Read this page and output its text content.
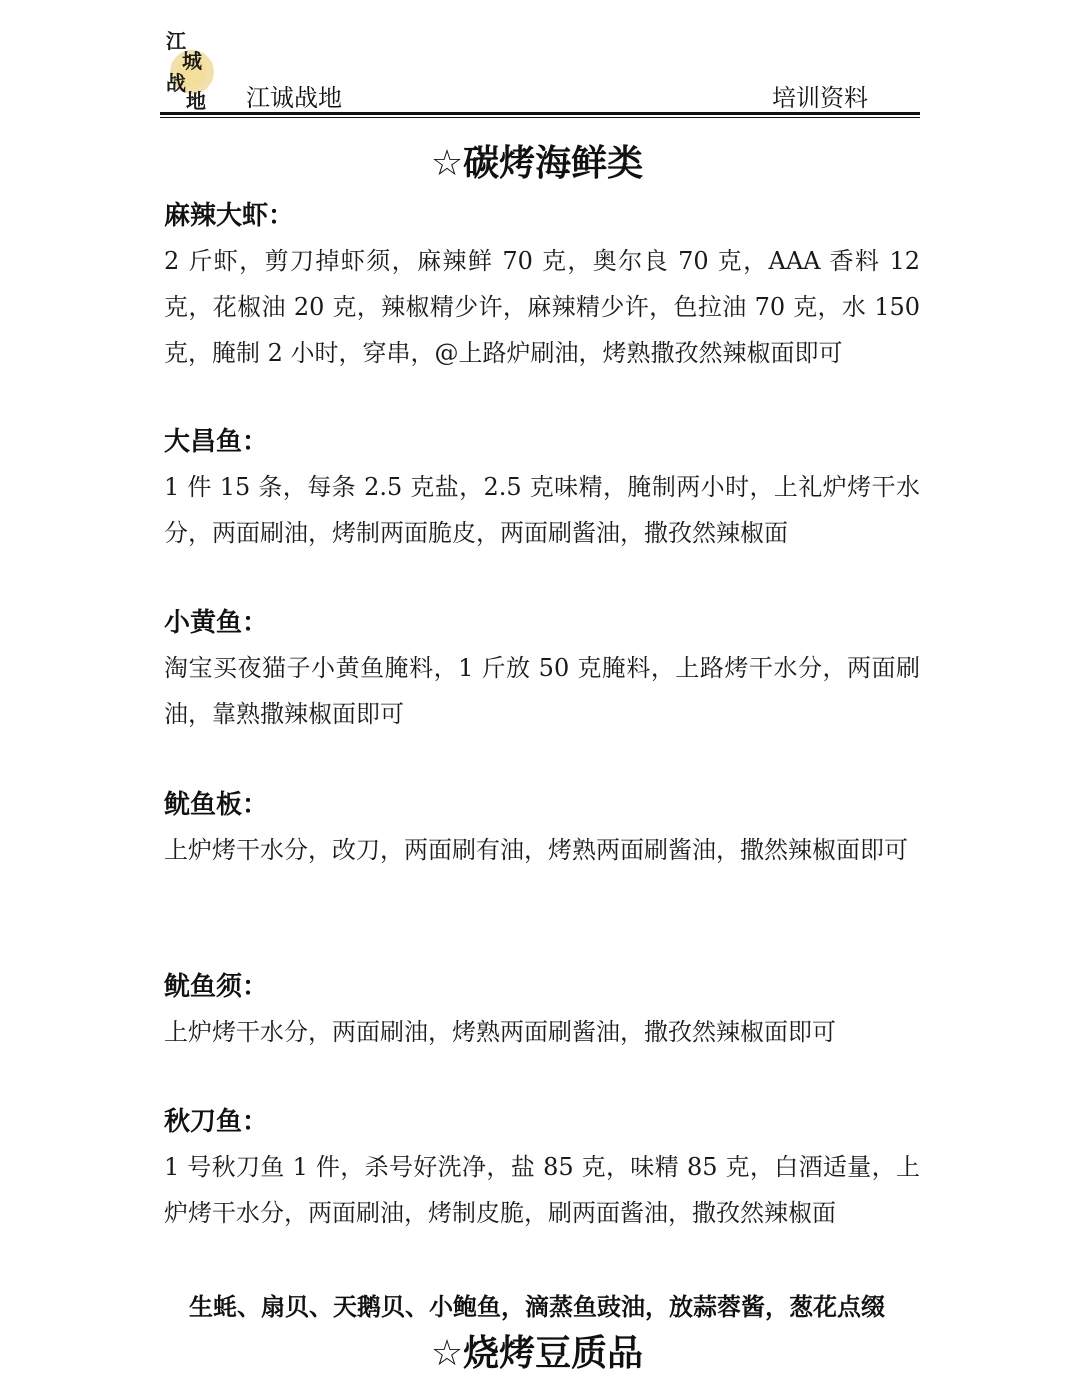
江
城
战
地 江诚战地	培训资料
☆碳烤海鲜类
麻辣大虾：
2 斤虾，剪刀掉虾须，麻辣鲜 70 克，奥尔良 70 克，AAA 香料 12 克，花椒油 20 克，辣椒精少许，麻辣精少许，色拉油 70 克，水 150 克，腌制 2 小时，穿串，@上路炉刷油，烤熟撒孜然辣椒面即可
大昌鱼：
1 件 15 条，每条 2.5 克盐，2.5 克味精，腌制两小时，上礼炉烤干水分，两面刷油，烤制两面脆皮，两面刷酱油，撒孜然辣椒面
小黄鱼：
淘宝买夜猫子小黄鱼腌料，1 斤放 50 克腌料，上路烤干水分，两面刷油，靠熟撒辣椒面即可
鱿鱼板：
上炉烤干水分，改刀，两面刷有油，烤熟两面刷酱油，撒然辣椒面即可
鱿鱼须：
上炉烤干水分，两面刷油，烤熟两面刷酱油，撒孜然辣椒面即可
秋刀鱼：
1 号秋刀鱼 1 件，杀号好洗净，盐 85 克，味精 85 克，白酒适量，上炉烤干水分，两面刷油，烤制皮脆，刷两面酱油，撒孜然辣椒面
生蚝、扇贝、天鹅贝、小鲍鱼，滴蒸鱼豉油，放蒜蓉酱，葱花点缀
☆烧烤豆质品
